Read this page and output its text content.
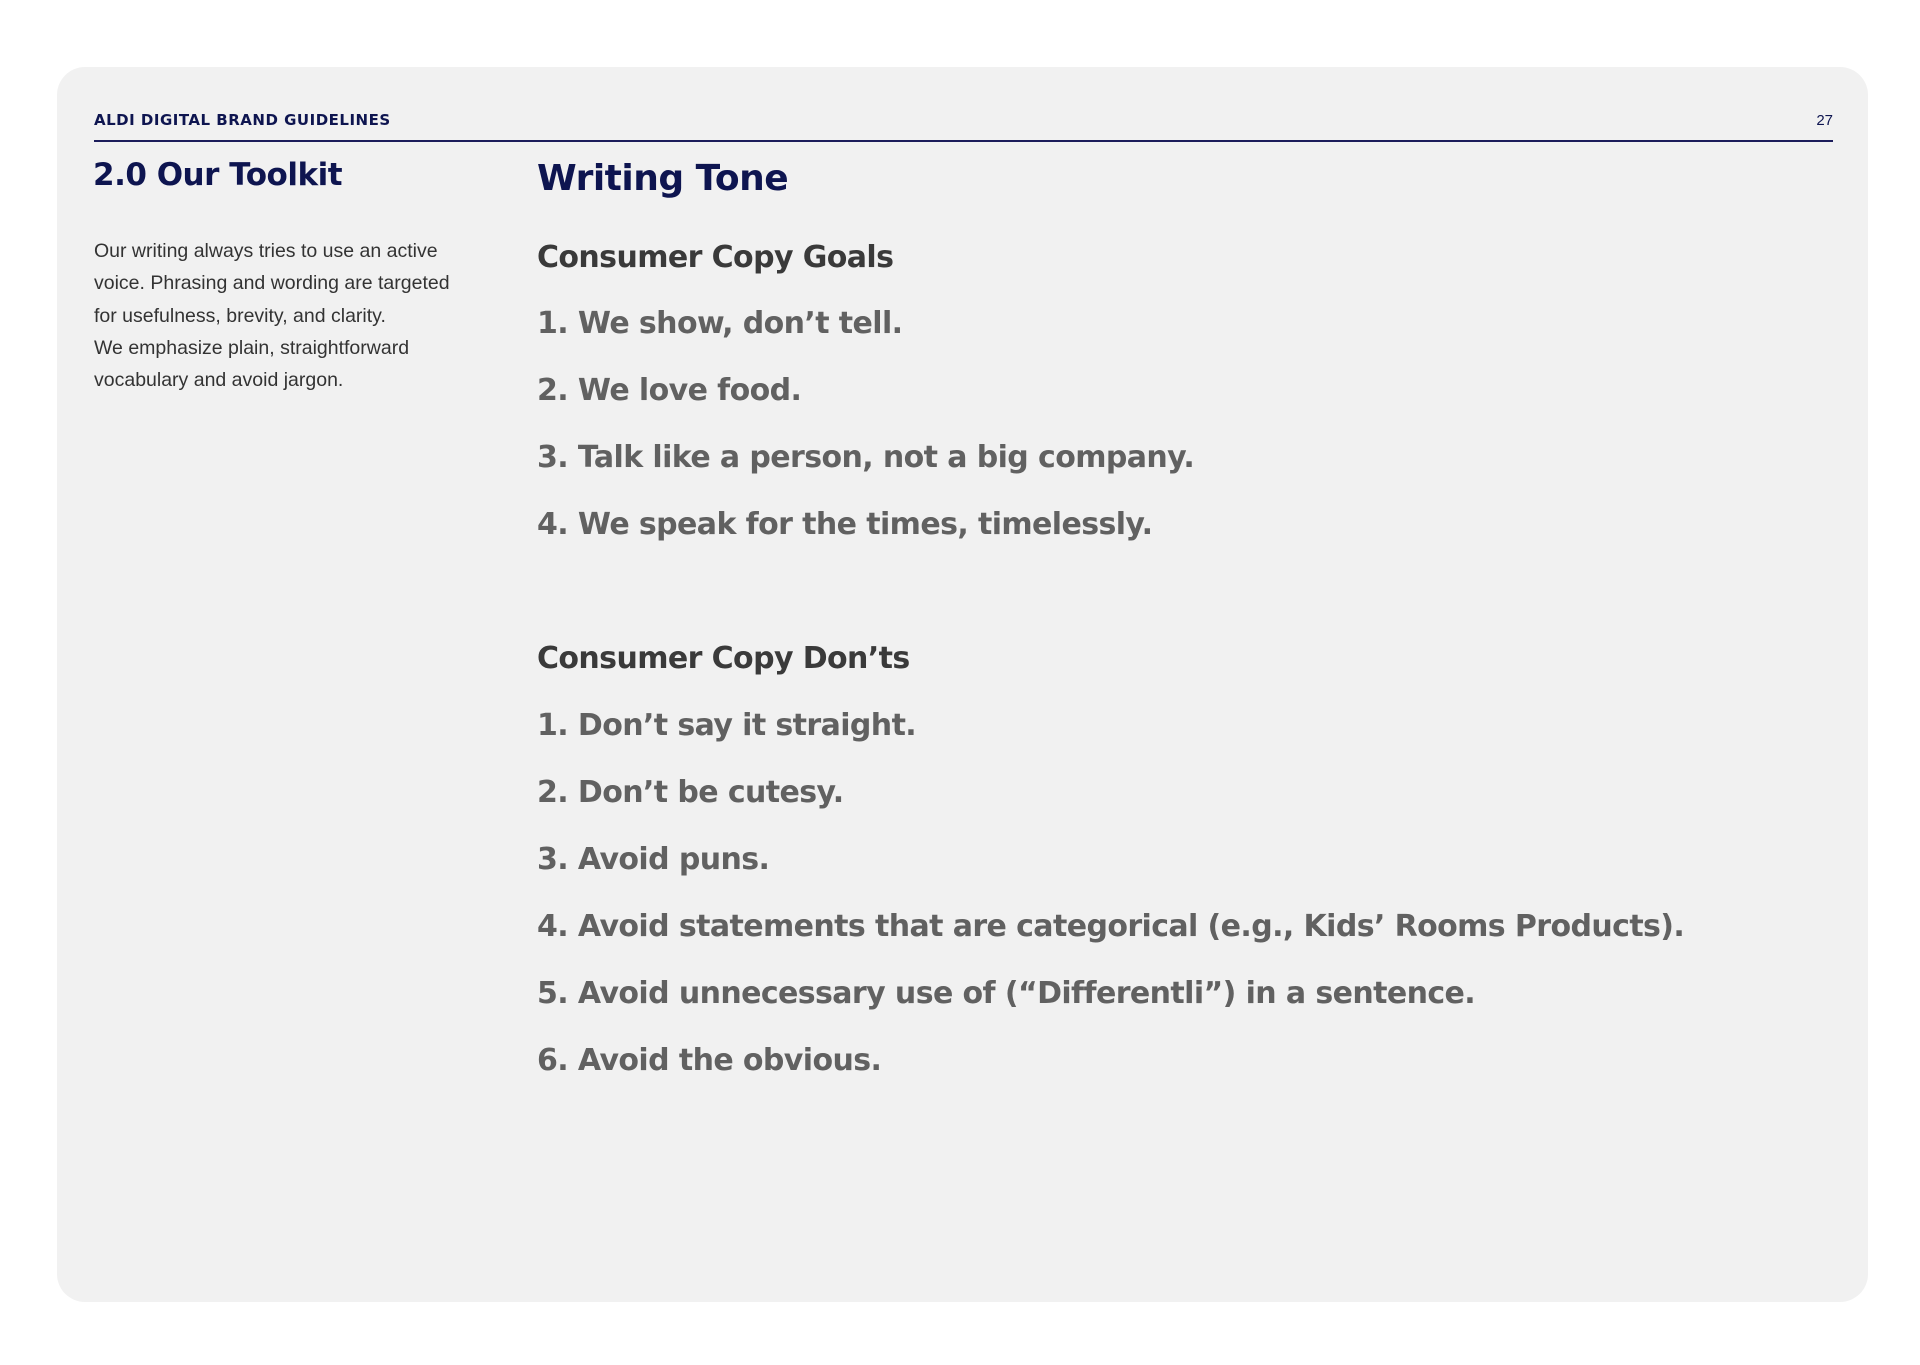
ALDI DIGITAL BRAND GUIDELINES	27
2.0 Our Toolkit

Our writing always tries to use an active
voice. Phrasing and wording are targeted
for usefulness, brevity, and clarity.
We emphasize plain, straightforward
vocabulary and avoid jargon.

Writing Tone
Consumer Copy Goals
1. We show, don’t tell.
2. We love food.
3. Talk like a person, not a big company.
4. We speak for the times, timelessly.
Consumer Copy Don’ts
1. Don’t say it straight.
2. Don’t be cutesy.
3. Avoid puns.
4. Avoid statements that are categorical (e.g., Kids’ Rooms Products).
5. Avoid unnecessary use of (“Differentli”) in a sentence.
6. Avoid the obvious.
